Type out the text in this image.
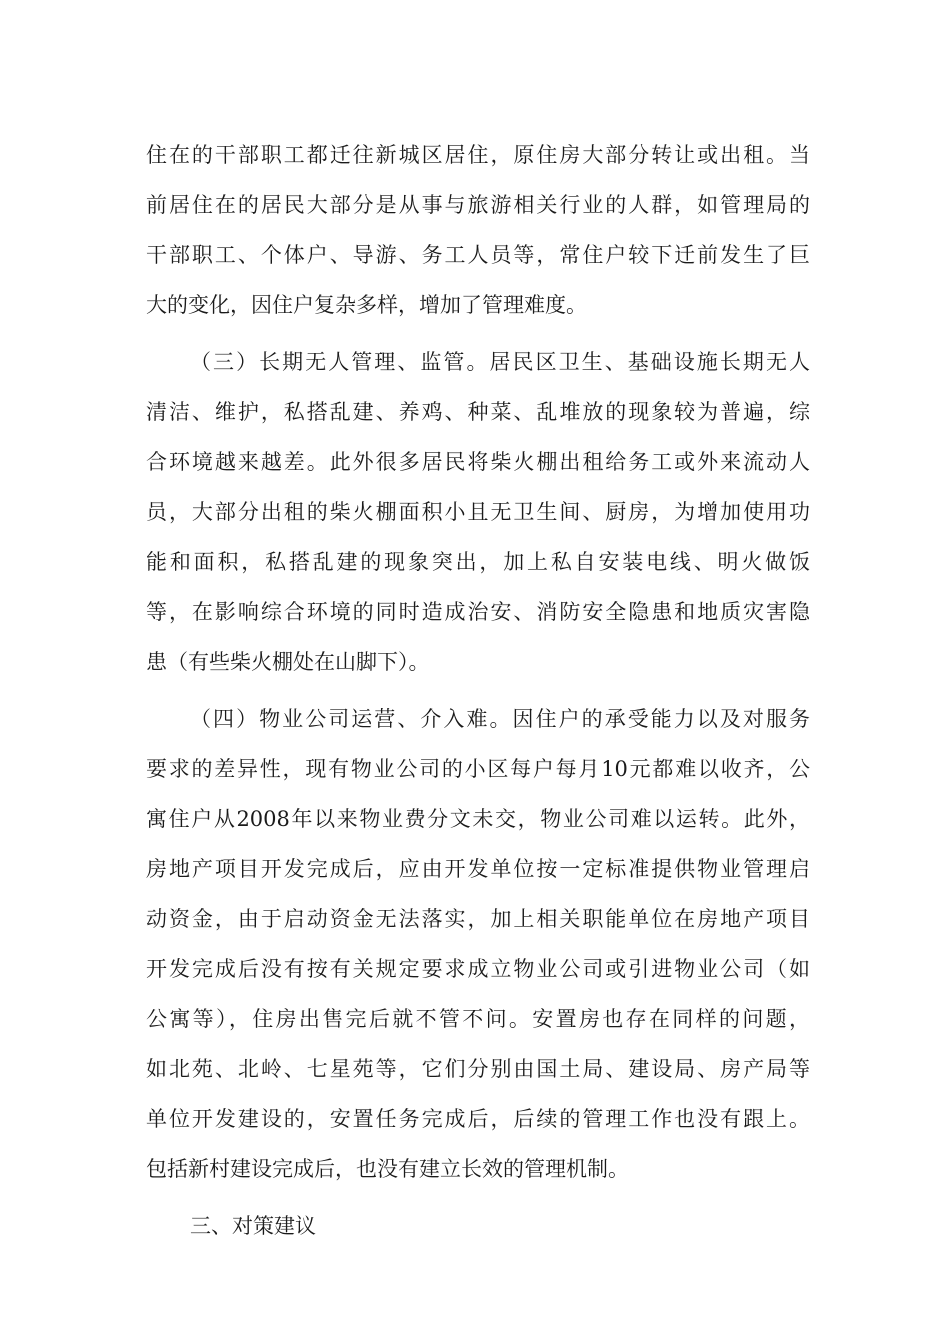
住在的干部职工都迁往新城区居住，原住房大部分转让或出租。当
前居住在的居民大部分是从事与旅游相关行业的人群，如管理局的
干部职工、个体户、导游、务工人员等，常住户较下迁前发生了巨
大的变化，因住户复杂多样，增加了管理难度。
（三）长期无人管理、监管。居民区卫生、基础设施长期无人
清洁、维护，私搭乱建、养鸡、种菜、乱堆放的现象较为普遍，综
合环境越来越差。此外很多居民将柴火棚出租给务工或外来流动人
员，大部分出租的柴火棚面积小且无卫生间、厨房，为增加使用功
能和面积，私搭乱建的现象突出，加上私自安装电线、明火做饭
等，在影响综合环境的同时造成治安、消防安全隐患和地质灾害隐
患（有些柴火棚处在山脚下）。
（四）物业公司运营、介入难。因住户的承受能力以及对服务
要求的差异性，现有物业公司的小区每户每月10元都难以收齐，公
寓住户从2008年以来物业费分文未交，物业公司难以运转。此外，
房地产项目开发完成后，应由开发单位按一定标准提供物业管理启
动资金，由于启动资金无法落实，加上相关职能单位在房地产项目
开发完成后没有按有关规定要求成立物业公司或引进物业公司（如
公寓等），住房出售完后就不管不问。安置房也存在同样的问题，
如北苑、北岭、七星苑等，它们分别由国土局、建设局、房产局等
单位开发建设的，安置任务完成后，后续的管理工作也没有跟上。
包括新村建设完成后，也没有建立长效的管理机制。
三、对策建议
